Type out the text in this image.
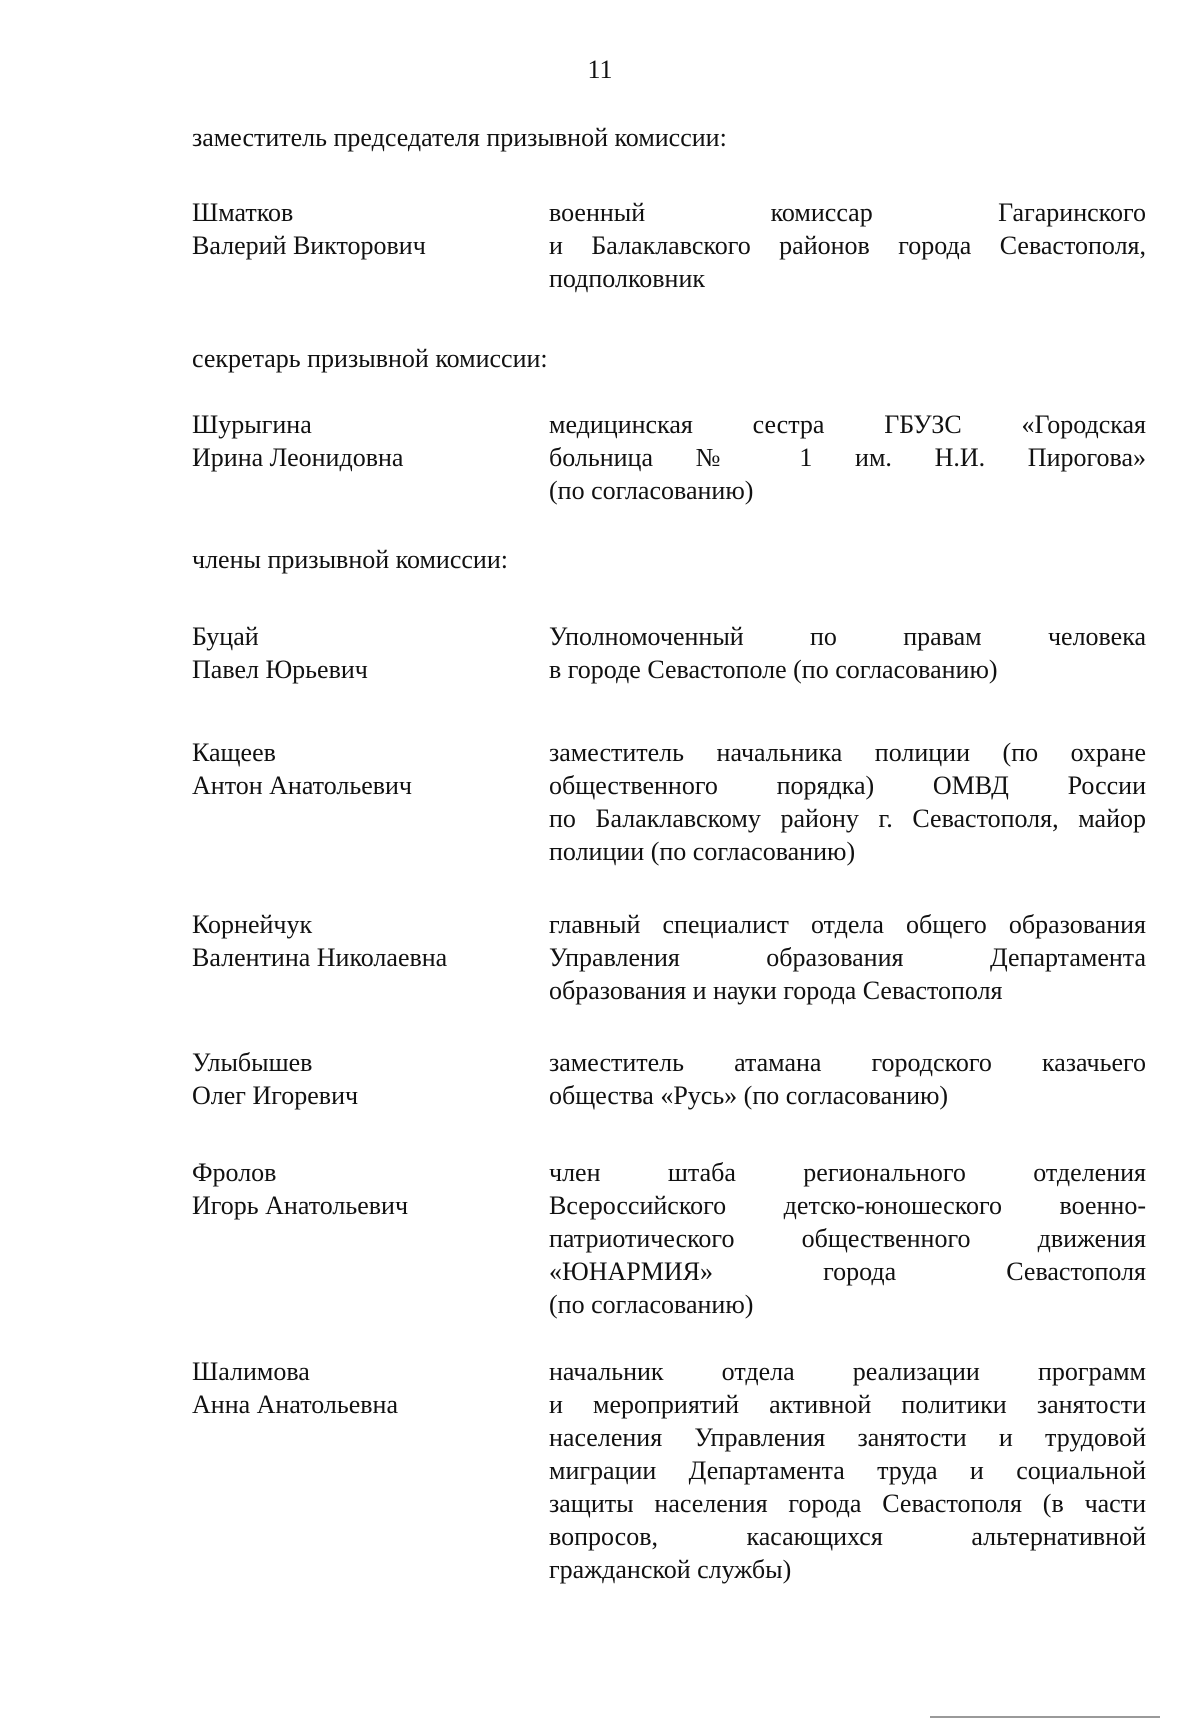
11
заместитель председателя призывной комиссии:
Шматков
Валерий Викторович
военный комиссар Гагаринского
и Балаклавского районов города Севастополя,
подполковник
секретарь призывной комиссии:
Шурыгина
Ирина Леонидовна
медицинская сестра ГБУЗС «Городская
больница № 1 им. Н.И. Пирогова»
(по согласованию)
члены призывной комиссии:
Буцай
Павел Юрьевич
Уполномоченный по правам человека
в городе Севастополе (по согласованию)
Кащеев
Антон Анатольевич
заместитель начальника полиции (по охране
общественного порядка) ОМВД России
по Балаклавскому району г. Севастополя, майор
полиции (по согласованию)
Корнейчук
Валентина Николаевна
главный специалист отдела общего образования
Управления образования Департамента
образования и науки города Севастополя
Улыбышев
Олег Игоревич
заместитель атамана городского казачьего
общества «Русь» (по согласованию)
Фролов
Игорь Анатольевич
член штаба регионального отделения
Всероссийского детско-юношеского военно-
патриотического общественного движения
«ЮНАРМИЯ» города Севастополя
(по согласованию)
Шалимова
Анна Анатольевна
начальник отдела реализации программ
и мероприятий активной политики занятости
населения Управления занятости и трудовой
миграции Департамента труда и социальной
защиты населения города Севастополя (в части
вопросов, касающихся альтернативной
гражданской службы)
